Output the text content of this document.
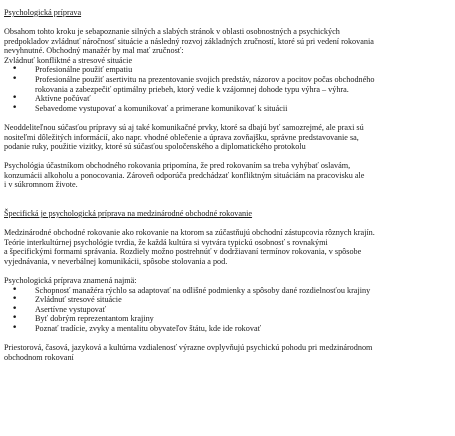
Psychologická príprava

Obsahom tohto kroku je sebapoznanie silných a slabých stránok v oblasti osobnostných a psychických

predpokladov zvládnuť náročnosť situácie a následný rozvoj základných zručností, ktoré sú pri vedení rokovania

nevyhnutné. Obchodný manažér by mal mať zručnosť:

Zvládnuť konfliktné a stresové situácie

• Profesionálne použiť empatiu
• Profesionálne použiť asertivitu na prezentovanie svojich predstáv, názorov a pocitov počas obchodného
rokovania a zabezpečiť optimálny priebeh, ktorý vedie k vzájomnej dohode typu výhra – výhra.
• Aktívne počúvať
• Sebavedome vystupovať a komunikovať a primerane komunikovať k situácii

Neoddeliteľnou súčasťou prípravy sú aj také komunikačné prvky, ktoré sa dbajú byť samozrejmé, ale praxi sú

nositeľmi dôležitých informácií, ako napr. vhodné oblečenie a úprava zovňajšku, správne predstavovanie sa,

podanie ruky, použitie vizitky, ktoré sú súčasťou spoločenského a diplomatického protokolu

Psychológia účastníkom obchodného rokovania pripomína, že pred rokovaním sa treba vyhýbať oslavám,

konzumácii alkoholu a ponocovania. Zároveň odporúča predchádzať konfliktným situáciám na pracovisku ale

i v súkromnom živote.

Špecifická je psychologická príprava na medzinárodné obchodné rokovanie

Medzinárodné obchodné rokovanie ako rokovanie na ktorom sa zúčastňujú obchodní zástupcovia rôznych krajín.

Teórie interkultúrnej psychológie tvrdia, že každá kultúra si vytvára typickú osobnosť s rovnakými

a špecifickými formami správania. Rozdiely možno postrehnúť v dodržiavaní termínov rokovania, v spôsobe

vyjednávania, v neverbálnej komunikácii, spôsobe stolovania a pod.

Psychologická príprava znamená najmä:

• Schopnosť manažéra rýchlo sa adaptovať na odlišné podmienky a spôsoby dané rozdielnosťou krajiny
• Zvládnuť stresové situácie
• Asertívne vystupovať
• Byť dobrým reprezentantom krajiny
• Poznať tradície, zvyky a mentalitu obyvateľov štátu, kde ide rokovať

Priestorová, časová, jazyková a kultúrna vzdialenosť výrazne ovplyvňujú psychickú pohodu pri medzinárodnom

obchodnom rokovaní
